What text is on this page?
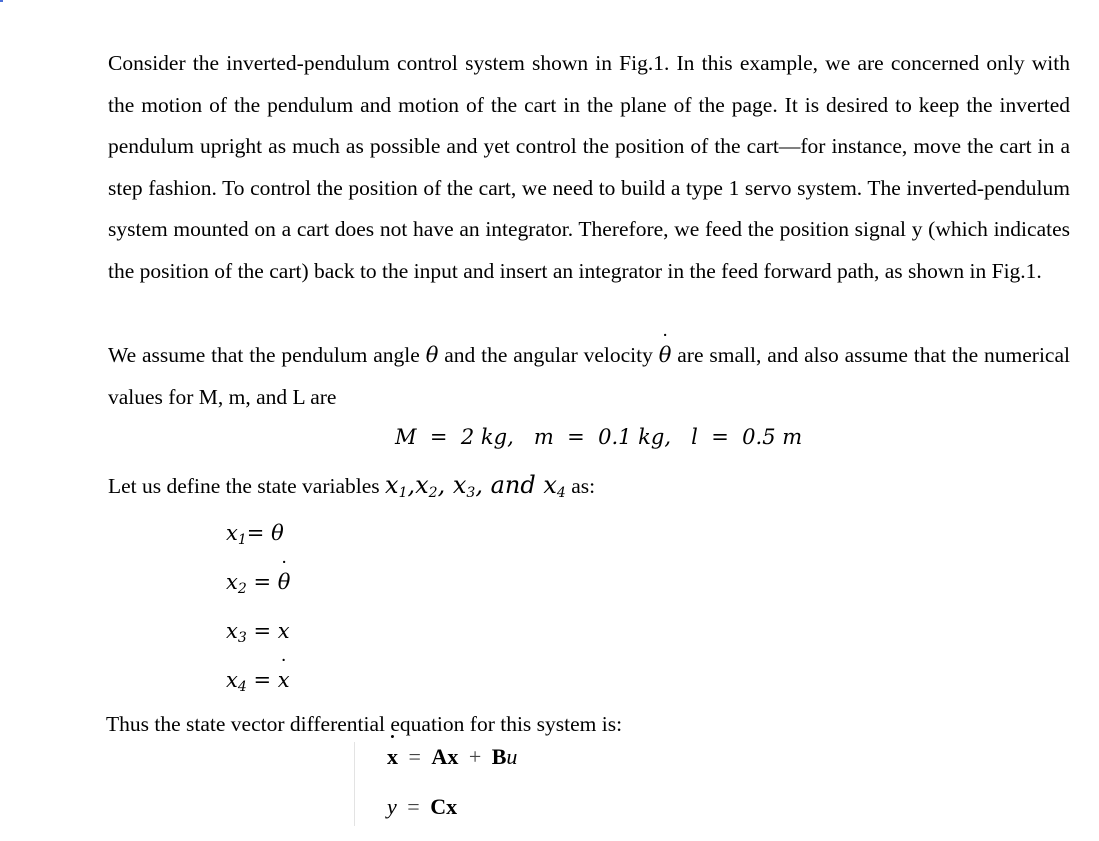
Consider the inverted-pendulum control system shown in Fig.1. In this example, we are concerned only with the motion of the pendulum and motion of the cart in the plane of the page. It is desired to keep the inverted pendulum upright as much as possible and yet control the position of the cart—for instance, move the cart in a step fashion. To control the position of the cart, we need to build a type 1 servo system. The inverted-pendulum system mounted on a cart does not have an integrator. Therefore, we feed the position signal y (which indicates the position of the cart) back to the input and insert an integrator in the feed forward path, as shown in Fig.1.

We assume that the pendulum angle θ and the angular velocity ˙ θ are small, and also assume that the numerical values for M, m, and L are

M = 2 kg, m = 0.1 kg, l = 0.5 m
Let us define the state variables $x_1,x_2$, $x_3$, and $x_4$ as:
$x_1= \theta$
$x_2$ = ˙ θ
$x_3 = x$
$x_4$ = ˙ x
Thus the state vector differential equation for this system is:
˙ x = Ax + Bu
y = Cx
